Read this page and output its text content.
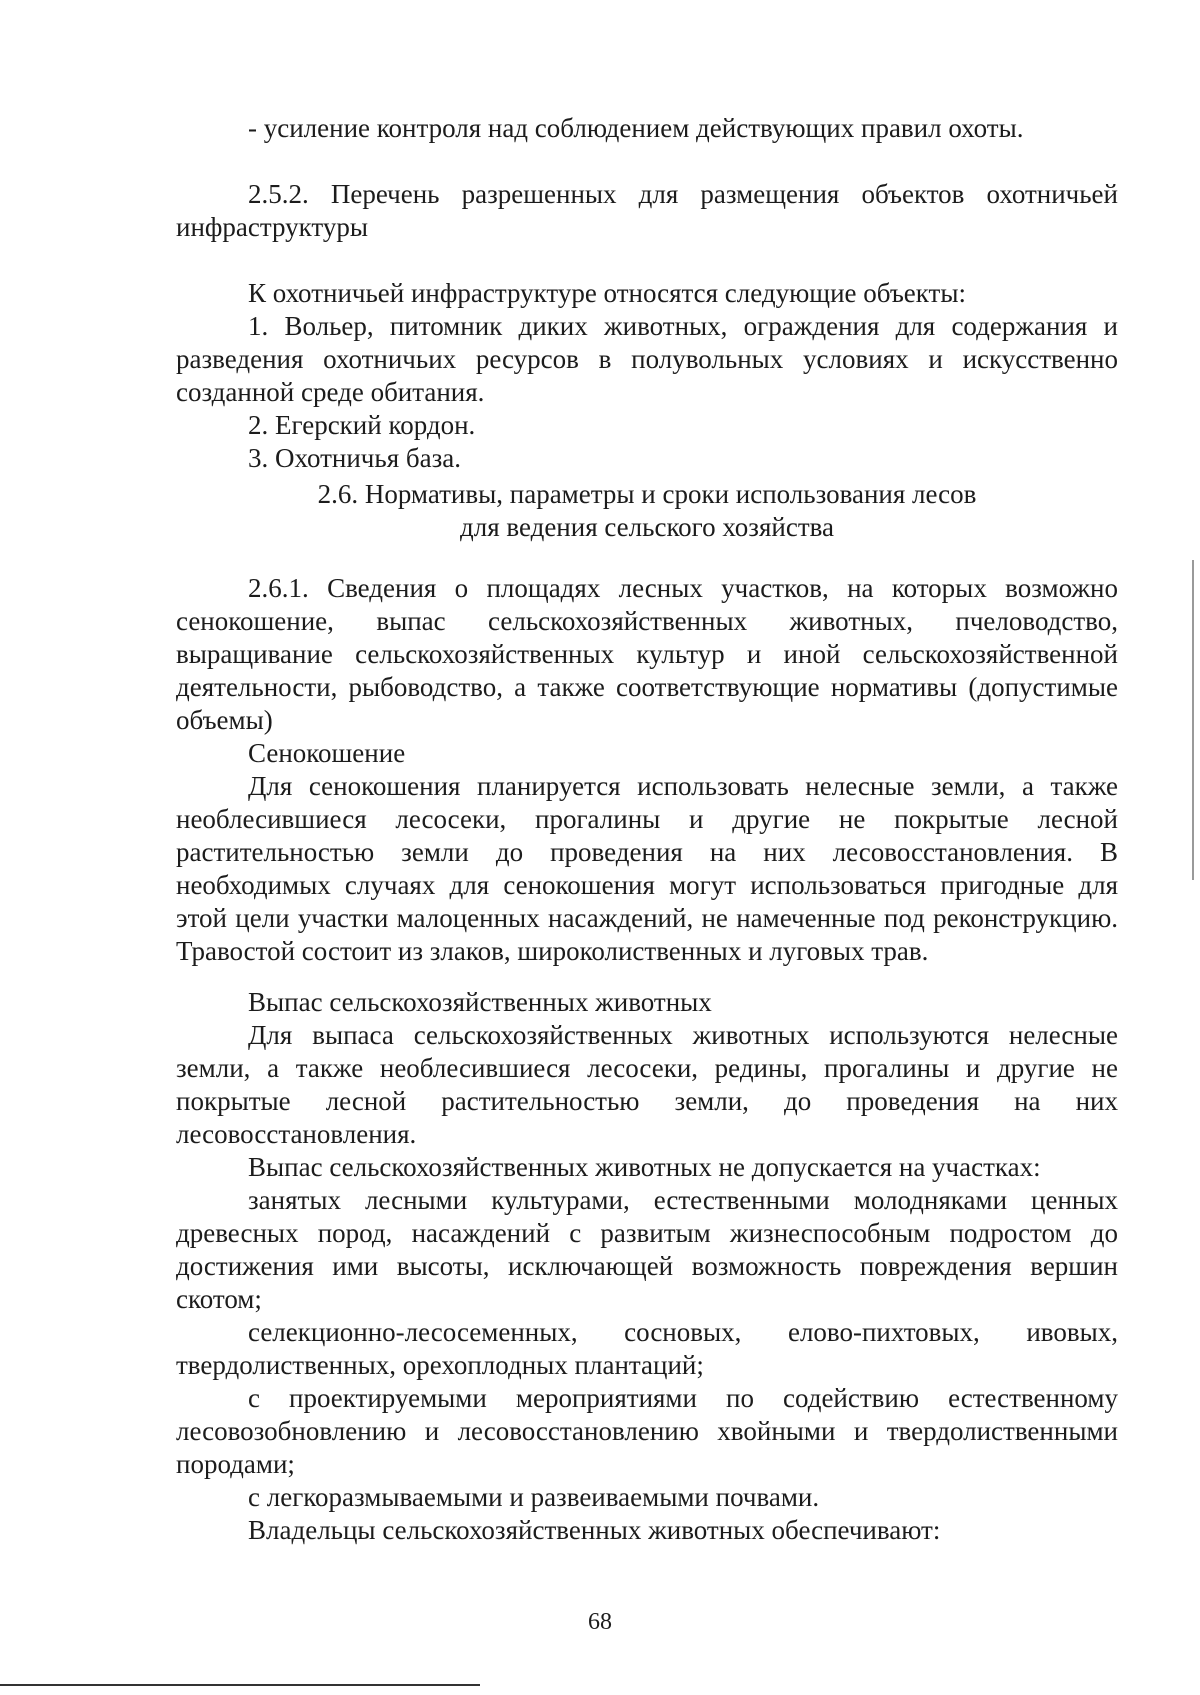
- усиление контроля над соблюдением действующих правил охоты.

2.5.2. Перечень разрешенных для размещения объектов охотничьей инфраструктуры

К охотничьей инфраструктуре относятся следующие объекты:

1. Вольер, питомник диких животных, ограждения для содержания и разведения охотничьих ресурсов в полувольных условиях и искусственно созданной среде обитания.

2. Егерский кордон.

3. Охотничья база.

2.6. Нормативы, параметры и сроки использования лесов

для ведения сельского хозяйства

2.6.1. Сведения о площадях лесных участков, на которых возможно сенокошение, выпас сельскохозяйственных животных, пчеловодство, выращивание сельскохозяйственных культур и иной сельскохозяйственной деятельности, рыбоводство, а также соответствующие нормативы (допустимые объемы)

Сенокошение

Для сенокошения планируется использовать нелесные земли, а также необлесившиеся лесосеки, прогалины и другие не покрытые лесной растительностью земли до проведения на них лесовосстановления. В необходимых случаях для сенокошения могут использоваться пригодные для этой цели участки малоценных насаждений, не намеченные под реконструкцию. Травостой состоит из злаков, широколиственных и луговых трав.

Выпас сельскохозяйственных животных

Для выпаса сельскохозяйственных животных используются нелесные земли, а также необлесившиеся лесосеки, редины, прогалины и другие не покрытые лесной растительностью земли, до проведения на них лесовосстановления.

Выпас сельскохозяйственных животных не допускается на участках:

занятых лесными культурами, естественными молодняками ценных древесных пород, насаждений с развитым жизнеспособным подростом до достижения ими высоты, исключающей возможность повреждения вершин скотом;

селекционно-лесосеменных, сосновых, елово-пихтовых, ивовых, твердолиственных, орехоплодных плантаций;

с проектируемыми мероприятиями по содействию естественному лесовозобновлению и лесовосстановлению хвойными и твердолиственными породами;

с легкоразмываемыми и развеиваемыми почвами.

Владельцы сельскохозяйственных животных обеспечивают:

68
